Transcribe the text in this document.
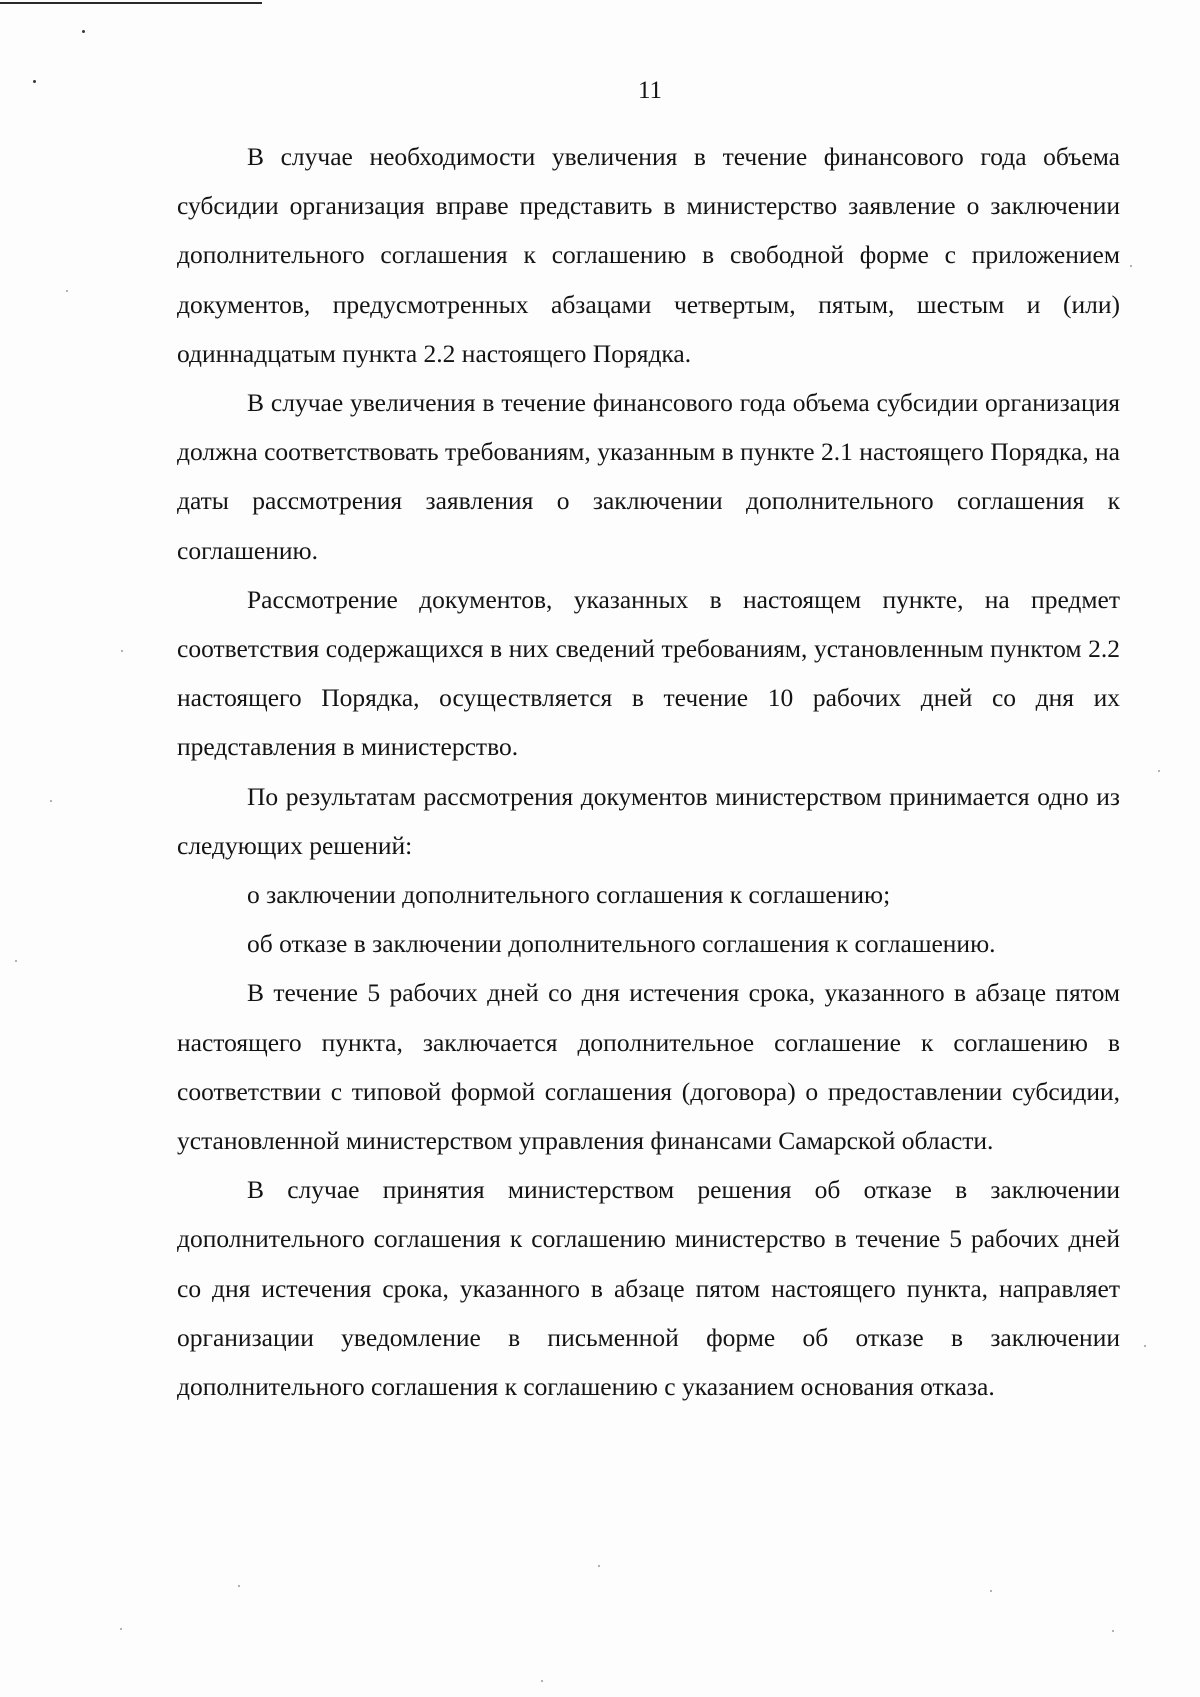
11

В случае необходимости увеличения в течение финансового года объема субсидии организация вправе представить в министерство заявление о заключении дополнительного соглашения к соглашению в свободной форме с приложением документов, предусмотренных абзацами четвертым, пятым, шестым и (или) одиннадцатым пункта 2.2 настоящего Порядка.

В случае увеличения в течение финансового года объема субсидии организация должна соответствовать требованиям, указанным в пункте 2.1 настоящего Порядка, на даты рассмотрения заявления о заключении дополнительного соглашения к соглашению.

Рассмотрение документов, указанных в настоящем пункте, на предмет соответствия содержащихся в них сведений требованиям, установленным пунктом 2.2 настоящего Порядка, осуществляется в течение 10 рабочих дней со дня их представления в министерство.

По результатам рассмотрения документов министерством принимается одно из следующих решений:

о заключении дополнительного соглашения к соглашению;

об отказе в заключении дополнительного соглашения к соглашению.

В течение 5 рабочих дней со дня истечения срока, указанного в абзаце пятом настоящего пункта, заключается дополнительное соглашение к соглашению в соответствии с типовой формой соглашения (договора) о предоставлении субсидии, установленной министерством управления финансами Самарской области.

В случае принятия министерством решения об отказе в заключении дополнительного соглашения к соглашению министерство в течение 5 рабочих дней со дня истечения срока, указанного в абзаце пятом настоящего пункта, направляет организации уведомление в письменной форме об отказе в заключении дополнительного соглашения к соглашению с указанием основания отказа.
